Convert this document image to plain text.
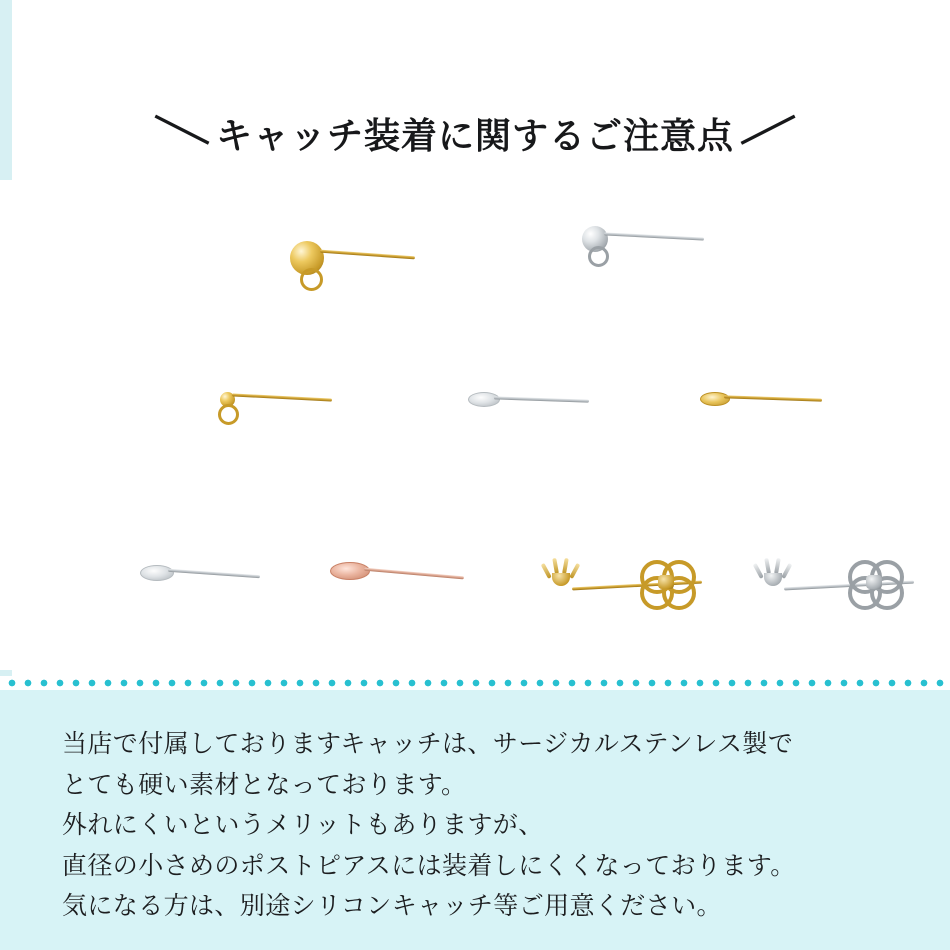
＼ キャッチ装着に関するご注意点 ／
当店で付属しておりますキャッチは、サージカルステンレス製で
とても硬い素材となっております。
外れにくいというメリットもありますが、
直径の小さめのポストピアスには装着しにくくなっております。
気になる方は、別途シリコンキャッチ等ご用意ください。
